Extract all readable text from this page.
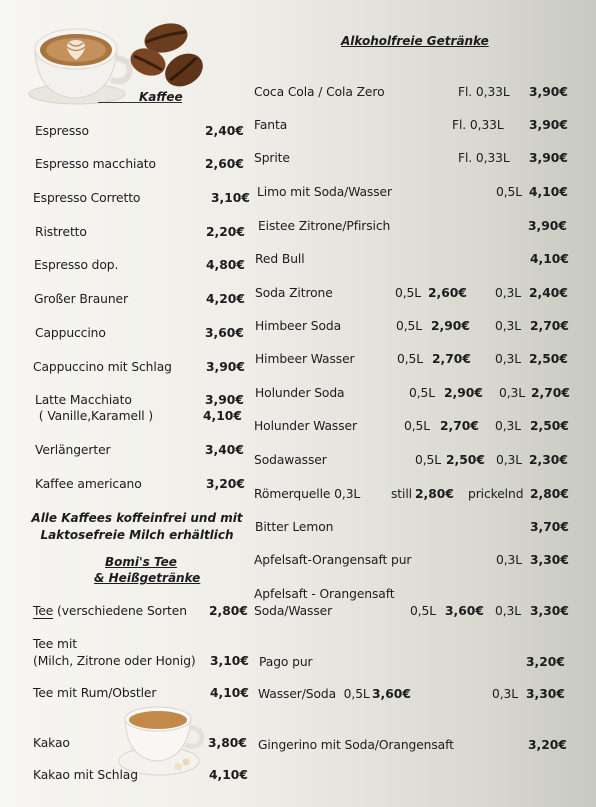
Alkoholfreie Getränke
Kaffee
Espresso	2,40€
Espresso macchiato	2,60€
Espresso Corretto	3,10€
Ristretto	2,20€
Espresso dop.	4,80€
Großer Brauner	4,20€
Cappuccino	3,60€
Cappuccino mit Schlag	3,90€
Latte Macchiato	3,90€
( Vanille,Karamell )	4,10€
Verlängerter	3,40€
Kaffee americano	3,20€
Alle Kaffees koffeinfrei und mit
Laktosefreie Milch erhältlich
Bomi's Tee
& Heißgetränke
Tee (verschiedene Sorten 2,80€
Tee mit
(Milch, Zitrone oder Honig) 3,10€
Tee mit Rum/Obstler	4,10€
Kakao	3,80€
Kakao mit Schlag	4,10€
Coca Cola / Cola Zero	Fl. 0,33L 3,90€
Fanta	Fl. 0,33L 3,90€
Sprite	Fl. 0,33L 3,90€
Limo mit Soda/Wasser	0,5L 4,10€
Eistee Zitrone/Pfirsich	3,90€
Red Bull	4,10€
Soda Zitrone	0,5L 2,60€ 0,3L 2,40€
Himbeer Soda	0,5L 2,90€ 0,3L 2,70€
Himbeer Wasser	0,5L 2,70€ 0,3L 2,50€
Holunder Soda	0,5L 2,90€ 0,3L 2,70€
Holunder Wasser	0,5L 2,70€ 0,3L 2,50€
Sodawasser	0,5L 2,50€ 0,3L 2,30€
Römerquelle 0,3L	still 2,80€ prickelnd 2,80€
Bitter Lemon	3,70€
Apfelsaft-Orangensaft pur	0,3L 3,30€
Apfelsaft - Orangensaft
Soda/Wasser	0,5L 3,60€ 0,3L 3,30€
Pago pur	3,20€
Wasser/Soda  0,5L 3,60€	0,3L 3,30€
Gingerino mit Soda/Orangensaft	3,20€
